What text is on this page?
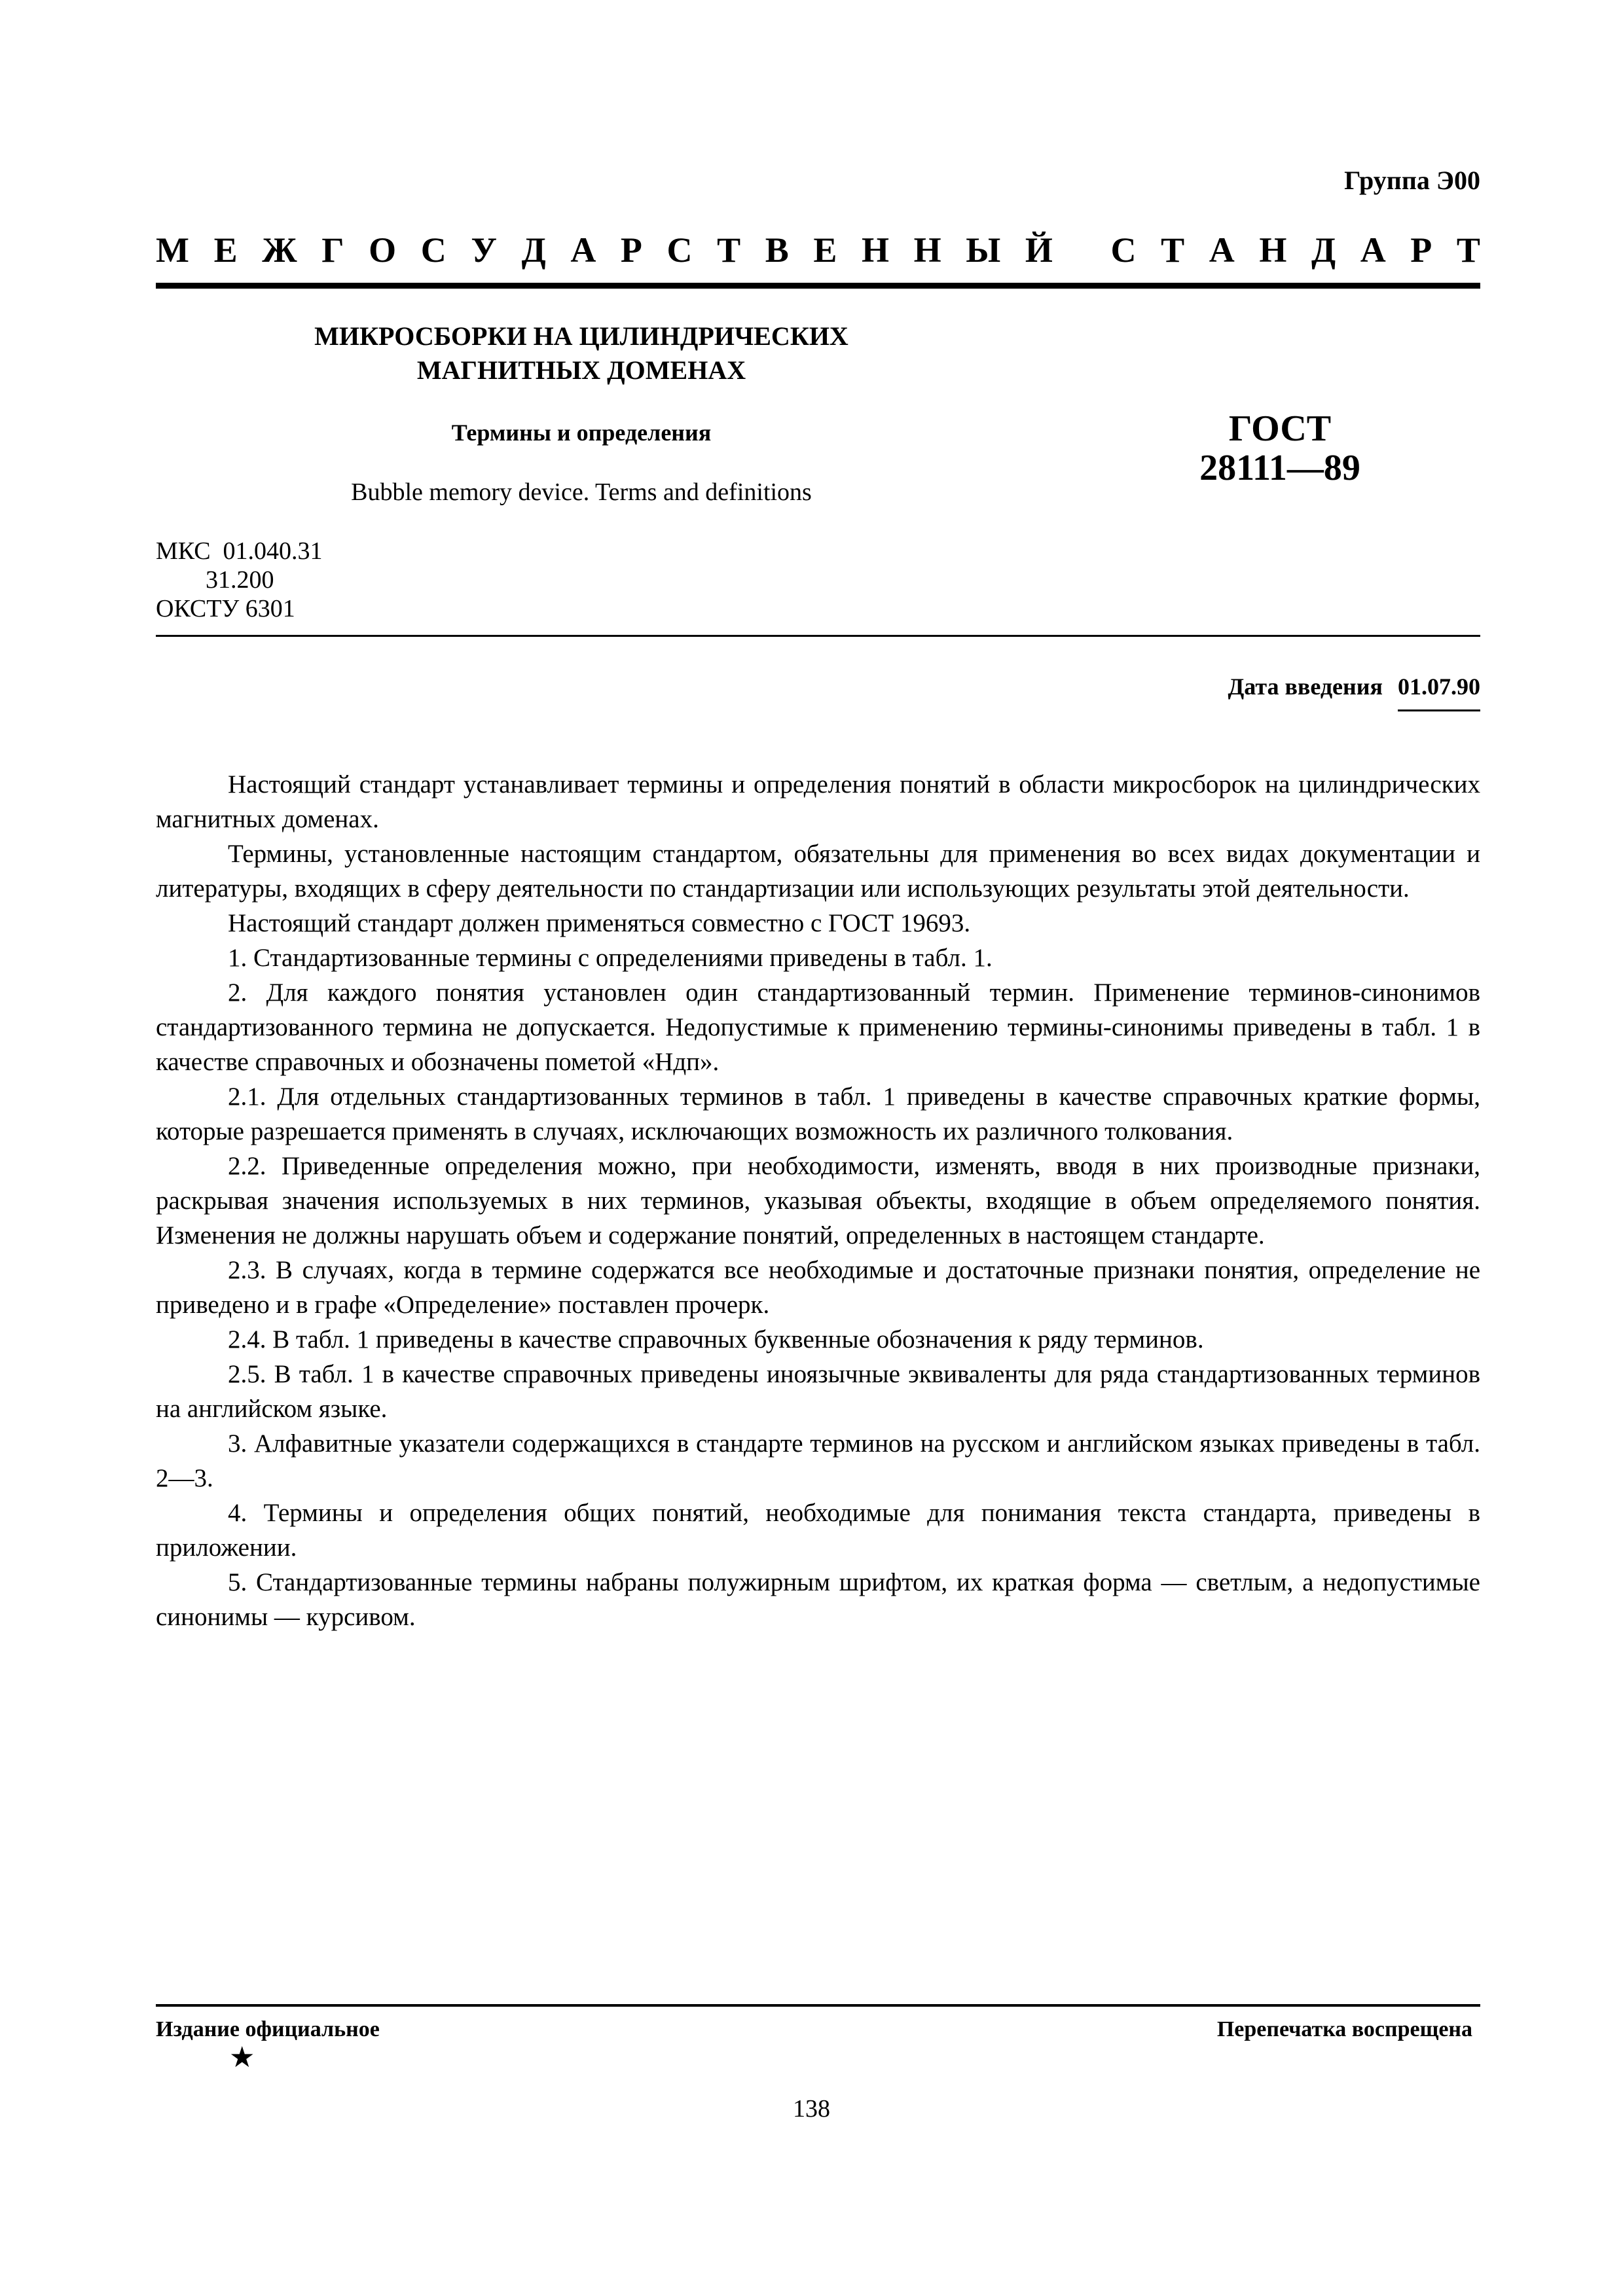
Группа Э00
М Е Ж Г О С У Д А Р С Т В Е Н Н Ы Й
С Т А Н Д А Р Т
МИКРОСБОРКИ НА ЦИЛИНДРИЧЕСКИХ
МАГНИТНЫХ ДОМЕНАХ
Термины и определения
Bubble memory device. Terms and definitions
ГОСТ
28111—89
МКС  01.040.31
31.200
ОКСТУ 6301
Дата введения 01.07.90

Настоящий стандарт устанавливает термины и определения понятий в области микросборок на цилиндрических магнитных доменах.

Термины, установленные настоящим стандартом, обязательны для применения во всех видах документации и литературы, входящих в сферу деятельности по стандартизации или использующих результаты этой деятельности.

Настоящий стандарт должен применяться совместно с ГОСТ 19693.

1. Стандартизованные термины с определениями приведены в табл. 1.

2. Для каждого понятия установлен один стандартизованный термин. Применение терминов-синонимов стандартизованного термина не допускается. Недопустимые к применению термины-синонимы приведены в табл. 1 в качестве справочных и обозначены пометой «Ндп».

2.1. Для отдельных стандартизованных терминов в табл. 1 приведены в качестве справочных краткие формы, которые разрешается применять в случаях, исключающих возможность их различного толкования.

2.2. Приведенные определения можно, при необходимости, изменять, вводя в них производные признаки, раскрывая значения используемых в них терминов, указывая объекты, входящие в объем определяемого понятия. Изменения не должны нарушать объем и содержание понятий, определенных в настоящем стандарте.

2.3. В случаях, когда в термине содержатся все необходимые и достаточные признаки понятия, определение не приведено и в графе «Определение» поставлен прочерк.

2.4. В табл. 1 приведены в качестве справочных буквенные обозначения к ряду терминов.

2.5. В табл. 1 в качестве справочных приведены иноязычные эквиваленты для ряда стандартизованных терминов на английском языке.

3. Алфавитные указатели содержащихся в стандарте терминов на русском и английском языках приведены в табл. 2—3.

4. Термины и определения общих понятий, необходимые для понимания текста стандарта, приведены в приложении.

5. Стандартизованные термины набраны полужирным шрифтом, их краткая форма — светлым, а недопустимые синонимы — курсивом.

Издание официальное
★
Перепечатка воспрещена
138
